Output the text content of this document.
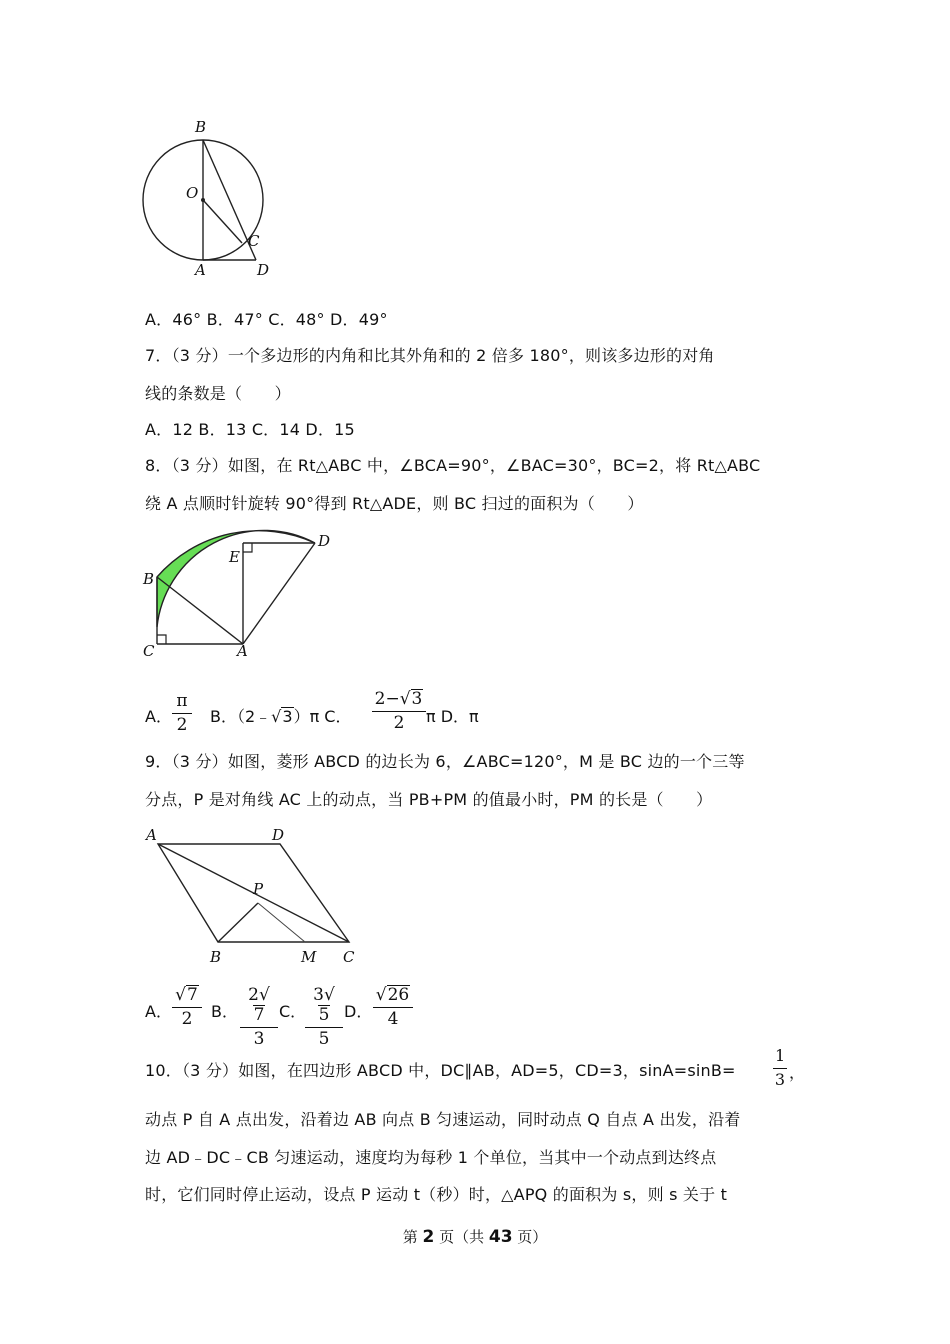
B
O
C
A	D
A．46° B．47° C．48° D．49°
7．（3 分）一个多边形的内角和比其外角和的 2 倍多 180°，则该多边形的对角
线的条数是（　　）
A．12 B．13 C．14 D．15
8．（3 分）如图，在 Rt△ABC 中，∠BCA=90°，∠BAC=30°，BC=2，将 Rt△ABC
绕 A 点顺时针旋转 90°得到 Rt△ADE，则 BC 扫过的面积为（　　）
B
E
D
C	A
A． $\frac{\pi}{2}$ B．（2﹣√3）π C． $\frac{2-√3}{2}$ π D．π
9．（3 分）如图，菱形 ABCD 的边长为 6，∠ABC=120°，M 是 BC 边的一个三等
分点，P 是对角线 AC 上的动点，当 PB+PM 的值最小时，PM 的长是（　　）
A	D
P
B	M C
A． $\frac{√7}{2}$ B． $\frac{2√7}{3}$ C．
$\frac{3√5}{5}$ D． $\frac{√26}{4}$
10．（3 分）如图，在四边形 ABCD 中，DC∥AB，AD=5，CD=3，$\sin A=\sin B= \frac{1}{3}$ ，
动点 P 自 A 点出发，沿着边 AB 向点 B 匀速运动，同时动点 Q 自点 A 出发，沿着
边 AD﹣DC﹣CB 匀速运动，速度均为每秒 1 个单位，当其中一个动点到达终点
时，它们同时停止运动，设点 P 运动 t（秒）时，△APQ 的面积为 s，则 s 关于 t
第 2 页（共 43 页）
